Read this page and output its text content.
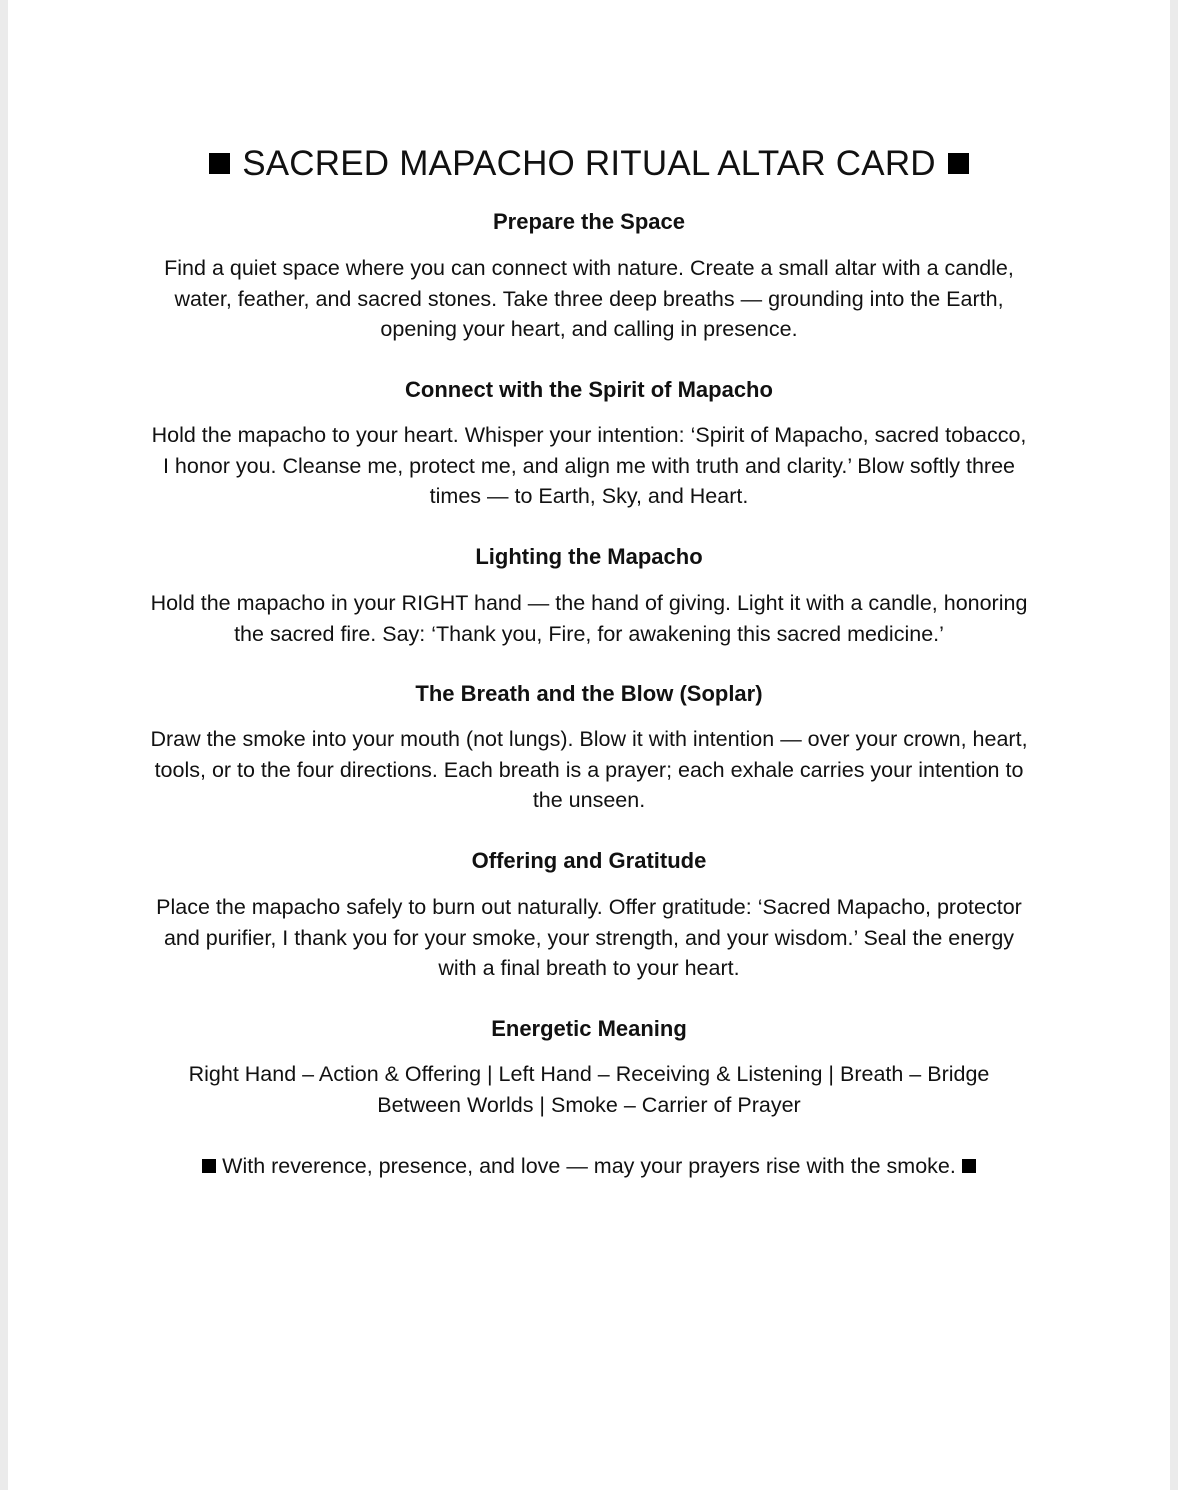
SACRED MAPACHO RITUAL ALTAR CARD
Prepare the Space
Find a quiet space where you can connect with nature. Create a small altar with a candle, water, feather, and sacred stones. Take three deep breaths — grounding into the Earth, opening your heart, and calling in presence.
Connect with the Spirit of Mapacho
Hold the mapacho to your heart. Whisper your intention: ‘Spirit of Mapacho, sacred tobacco, I honor you. Cleanse me, protect me, and align me with truth and clarity.’ Blow softly three times — to Earth, Sky, and Heart.
Lighting the Mapacho
Hold the mapacho in your RIGHT hand — the hand of giving. Light it with a candle, honoring the sacred fire. Say: ‘Thank you, Fire, for awakening this sacred medicine.’
The Breath and the Blow (Soplar)
Draw the smoke into your mouth (not lungs). Blow it with intention — over your crown, heart, tools, or to the four directions. Each breath is a prayer; each exhale carries your intention to the unseen.
Offering and Gratitude
Place the mapacho safely to burn out naturally. Offer gratitude: ‘Sacred Mapacho, protector and purifier, I thank you for your smoke, your strength, and your wisdom.’ Seal the energy with a final breath to your heart.
Energetic Meaning
Right Hand – Action & Offering | Left Hand – Receiving & Listening | Breath – Bridge Between Worlds | Smoke – Carrier of Prayer
With reverence, presence, and love — may your prayers rise with the smoke.
